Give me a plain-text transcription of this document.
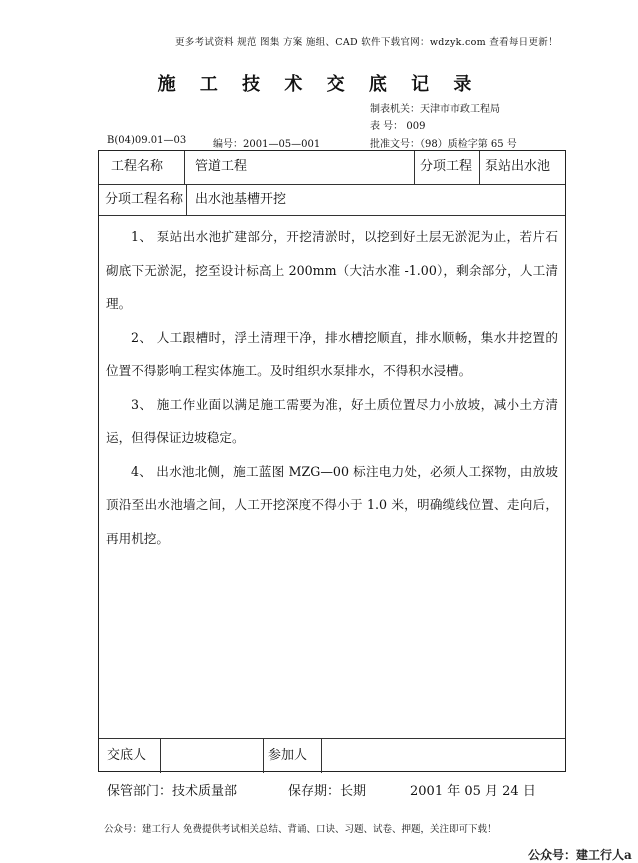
更多考试资料 规范 图集 方案 施组、CAD 软件下载官网：wdzyk.com 查看每日更新！
施 工 技 术 交 底 记 录
制表机关：天津市市政工程局
表 号： 009
批准文号：（98）质检字第 65 号
B(04)09.01—03	编号：2001—05—001
工程名称 管道工程	分项工程 泵站出水池
分项工程名称 出水池基槽开挖

1、 泵站出水池扩建部分，开挖清淤时，以挖到好土层无淤泥为止，若片石砌底下无淤泥，挖至设计标高上 200mm（大沽水准 -1.00），剩余部分，人工清理。

2、 人工跟槽时，浮土清理干净，排水槽挖顺直，排水顺畅，集水井挖置的位置不得影响工程实体施工。及时组织水泵排水，不得积水浸槽。

3、 施工作业面以满足施工需要为准，好土质位置尽力小放坡，减小土方清运，但得保证边坡稳定。

4、 出水池北侧，施工蓝图 MZG—00 标注电力处，必须人工探物，由放坡顶沿至出水池墙之间，人工开挖深度不得小于 1.0 米，明确缆线位置、走向后，再用机挖。

交底人	参加人
保管部门：技术质量部	保存期：长期	2001 年 05 月 24 日
公众号：建工行人 免费提供考试相关总结、背诵、口诀、习题、试卷、押题，关注即可下载！
公众号：建工行人a
